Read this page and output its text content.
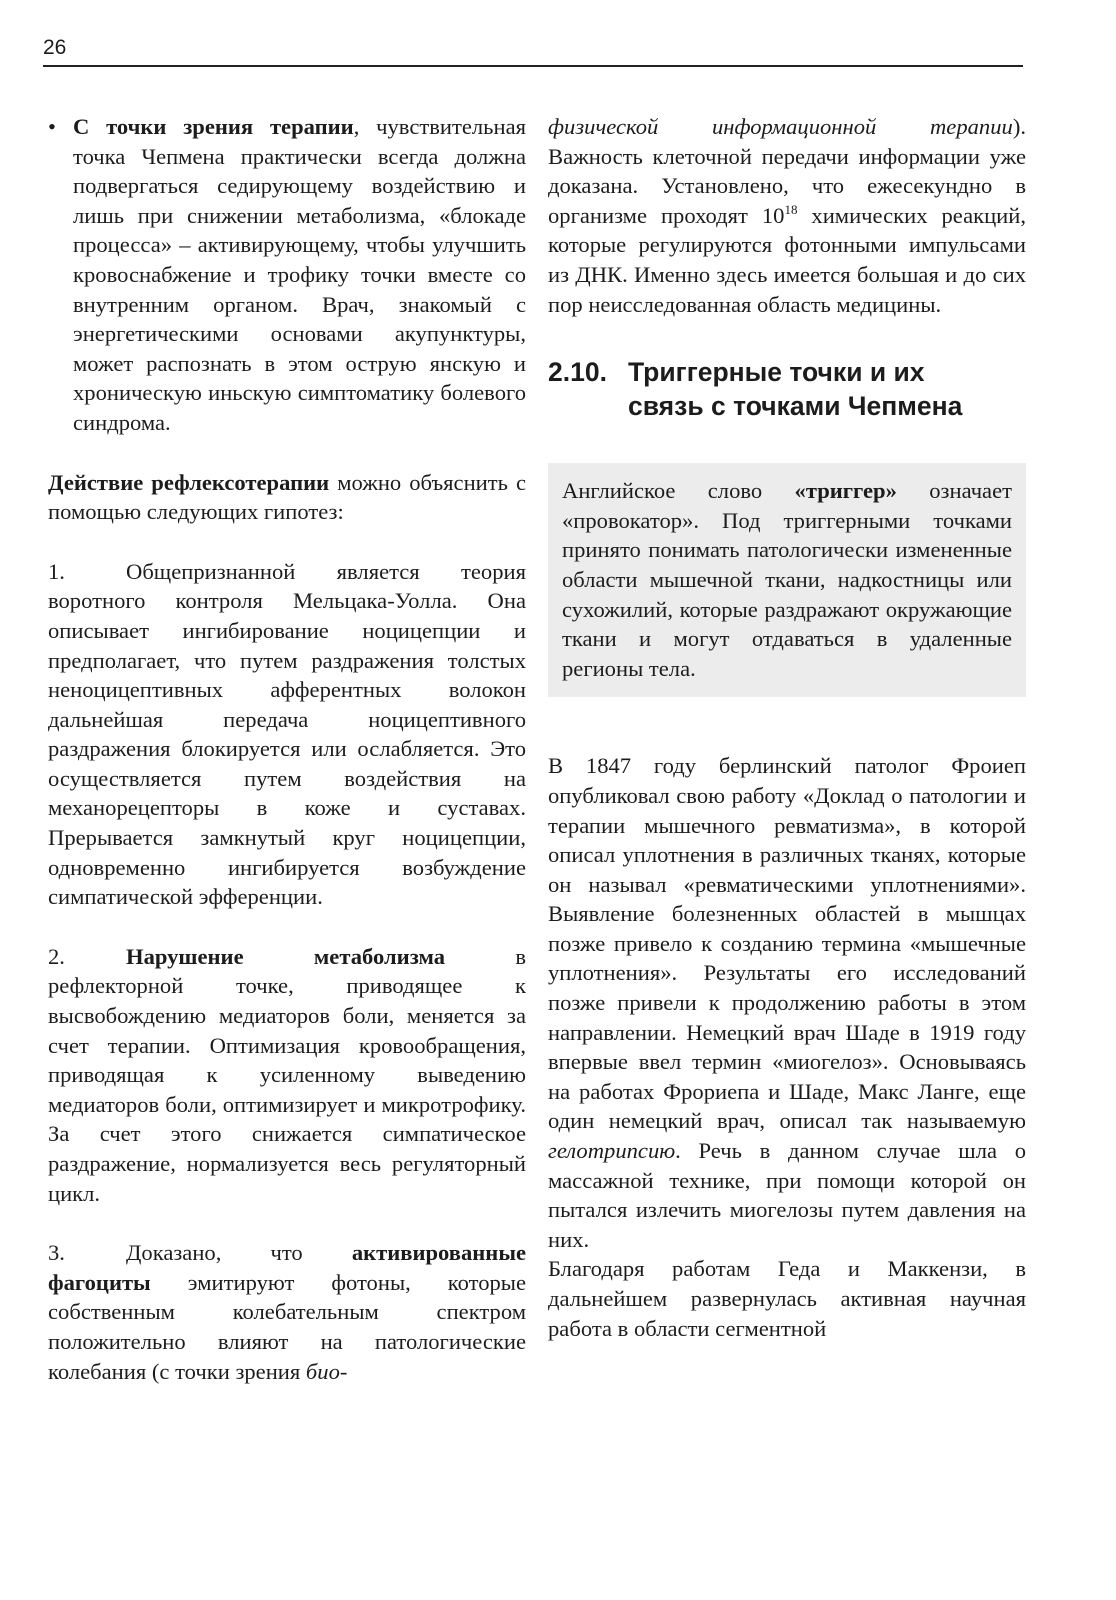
26

• С точки зрения терапии, чувствительная точка Чепмена практически всегда должна подвергаться седирующему воздействию и лишь при снижении метаболизма, «блокаде процесса» – активирующему, чтобы улучшить кровоснабжение и трофику точки вместе со внутренним органом. Врач, знакомый с энергетическими основами акупунктуры, может распознать в этом острую янскую и хроническую иньскую симптоматику болевого синдрома.

Действие рефлексотерапии можно объяснить с помощью следующих гипотез:

1.	Общепризнанной является теория воротного контроля Мельцака-Уолла. Она описывает ингибирование ноцицепции и предполагает, что путем раздражения толстых неноцицептивных афферентных волокон дальнейшая передача ноцицептивного раздражения блокируется или ослабляется. Это осуществляется путем воздействия на механорецепторы в коже и суставах. Прерывается замкнутый круг ноцицепции, одновременно ингибируется возбуждение симпатической эфференции.

2.	Нарушение метаболизма в рефлекторной точке, приводящее к высвобождению медиаторов боли, меняется за счет терапии. Оптимизация кровообращения, приводящая к усиленному выведению медиаторов боли, оптимизирует и микротрофику. За счет этого снижается симпатическое раздражение, нормализуется весь регуляторный цикл.

3.	Доказано, что активированные фагоциты эмитируют фотоны, которые собственным колебательным спектром положительно влияют на патологические колебания (с точки зрения био-

физической информационной терапии). Важность клеточной передачи информации уже доказана. Установлено, что ежесекундно в организме проходят $10^{18}$ химических реакций, которые регулируются фотонными импульсами из ДНК. Именно здесь имеется большая и до сих пор неисследованная область медицины.

2.10. Триггерные точки и их
связь с точками Чепмена

Английское слово «триггер» означает «провокатор». Под триггерными точками принято понимать патологически измененные области мышечной ткани, надкостницы или сухожилий, которые раздражают окружающие ткани и могут отдаваться в удаленные регионы тела.

В 1847 году берлинский патолог Фроиеп опубликовал свою работу «Доклад о патологии и терапии мышечного ревматизма», в которой описал уплотнения в различных тканях, которые он называл «ревматическими уплотнениями». Выявление болезненных областей в мышцах позже привело к созданию термина «мышечные уплотнения». Результаты его исследований позже привели к продолжению работы в этом направлении. Немецкий врач Шаде в 1919 году впервые ввел термин «миогелоз». Основываясь на работах Фрориепа и Шаде, Макс Ланге, еще один немецкий врач, описал так называемую гелотрипсию. Речь в данном случае шла о массажной технике, при помощи которой он пытался излечить миогелозы путем давления на них.

Благодаря работам Геда и Маккензи, в дальнейшем развернулась активная научная работа в области сегментной
